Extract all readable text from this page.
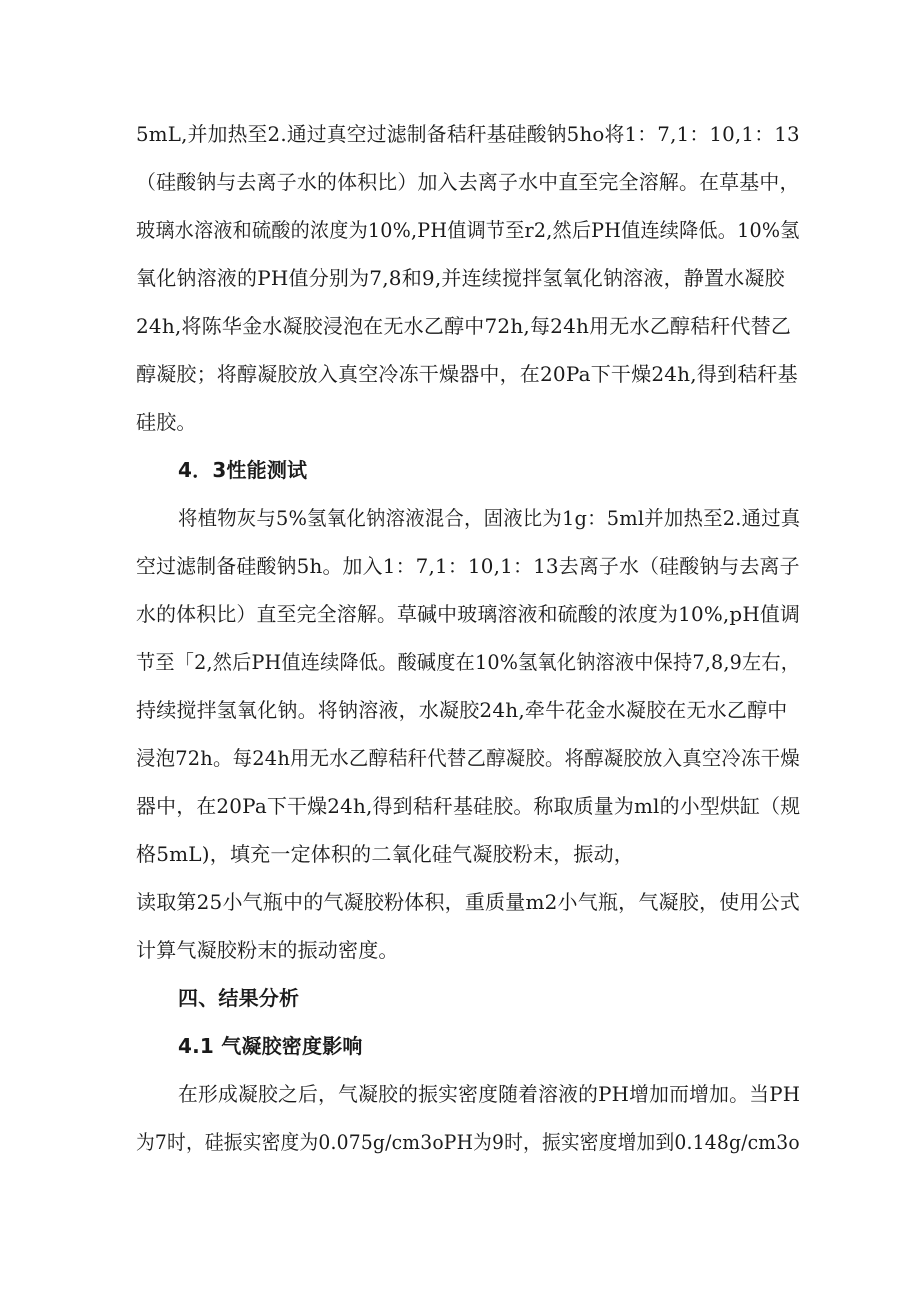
5mL,并加热至2.通过真空过滤制备秸秆基硅酸钠5ho将1：7,1：10,1：13
（硅酸钠与去离子水的体积比）加入去离子水中直至完全溶解。在草基中，
玻璃水溶液和硫酸的浓度为10%,PH值调节至r2,然后PH值连续降低。10%氢
氧化钠溶液的PH值分别为7,8和9,并连续搅拌氢氧化钠溶液，静置水凝胶
24h,将陈华金水凝胶浸泡在无水乙醇中72h,每24h用无水乙醇秸秆代替乙
醇凝胶；将醇凝胶放入真空冷冻干燥器中，在20Pa下干燥24h,得到秸秆基
硅胶。
4．3性能测试
将植物灰与5%氢氧化钠溶液混合，固液比为1g：5ml并加热至2.通过真
空过滤制备硅酸钠5h。加入1：7,1：10,1：13去离子水（硅酸钠与去离子
水的体积比）直至完全溶解。草碱中玻璃溶液和硫酸的浓度为10%,pH值调
节至「2,然后PH值连续降低。酸碱度在10%氢氧化钠溶液中保持7,8,9左右，
持续搅拌氢氧化钠。将钠溶液，水凝胶24h,牵牛花金水凝胶在无水乙醇中
浸泡72h。每24h用无水乙醇秸秆代替乙醇凝胶。将醇凝胶放入真空冷冻干燥
器中，在20Pa下干燥24h,得到秸秆基硅胶。称取质量为ml的小型烘缸（规
格5mL)，填充一定体积的二氧化硅气凝胶粉末，振动，
读取第25小气瓶中的气凝胶粉体积，重质量m2小气瓶，气凝胶，使用公式
计算气凝胶粉末的振动密度。
四、结果分析
4.1 气凝胶密度影响
在形成凝胶之后，气凝胶的振实密度随着溶液的PH增加而增加。当PH
为7时，硅振实密度为0.075g/cm3oPH为9时，振实密度增加到0.148g/cm3o
